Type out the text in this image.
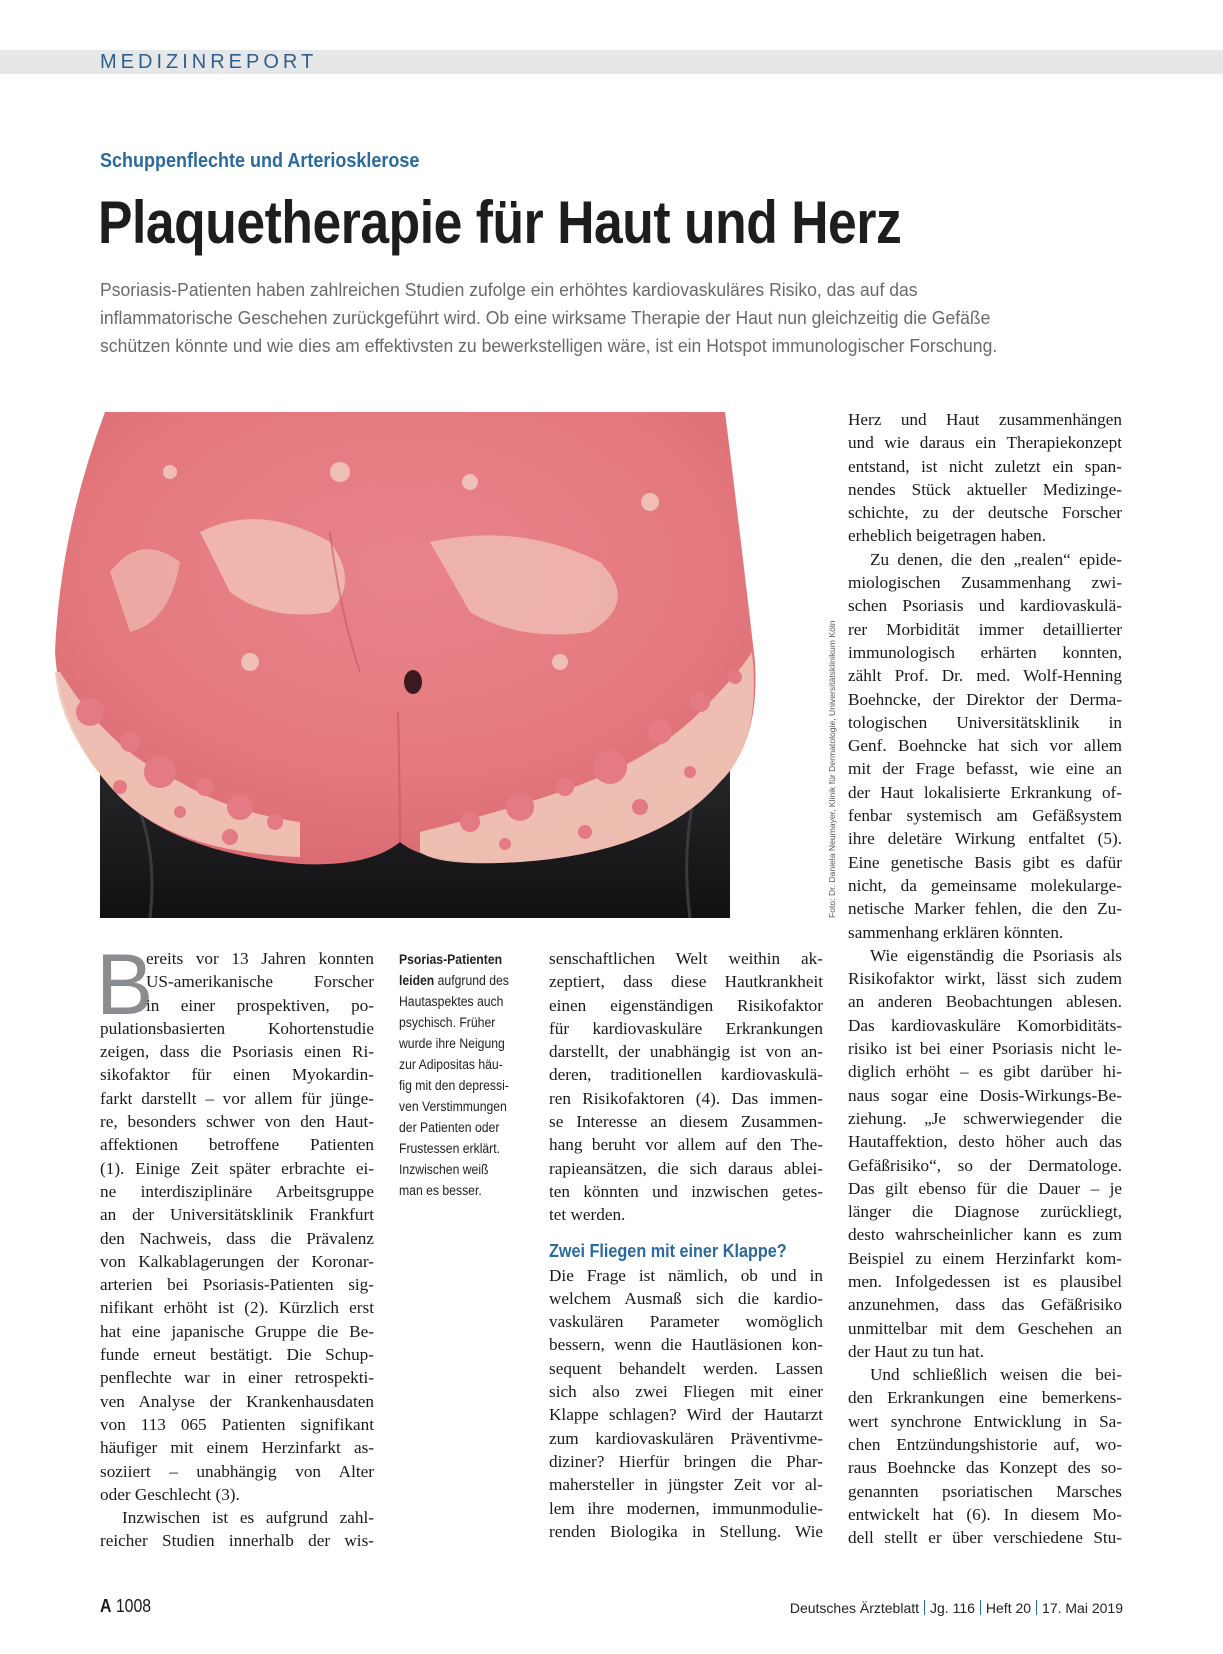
MEDIZINREPORT
Schuppenflechte und Arteriosklerose
Plaquetherapie für Haut und Herz
Psoriasis-Patienten haben zahlreichen Studien zufolge ein erhöhtes kardiovaskuläres Risiko, das auf das
inflammatorische Geschehen zurückgeführt wird. Ob eine wirksame Therapie der Haut nun gleichzeitig die Gefäße
schützen könnte und wie dies am effektivsten zu bewerkstelligen wäre, ist ein Hotspot immunologischer Forschung.
Foto: Dr. Daniela Neumayer, Klinik für Dermatologie, Universitätsklinikum Köln
B
ereits vor 13 Jahren konnten
US-amerikanische Forscher
in einer prospektiven, po-
pulationsbasierten Kohortenstudie
zeigen, dass die Psoriasis einen Ri-
sikofaktor für einen Myokardin-
farkt darstellt – vor allem für jünge-
re, besonders schwer von den Haut-
affektionen betroffene Patienten
(1). Einige Zeit später erbrachte ei-
ne interdisziplinäre Arbeitsgruppe
an der Universitätsklinik Frankfurt
den Nachweis, dass die Prävalenz
von Kalkablagerungen der Koronar-
arterien bei Psoriasis-Patienten sig-
nifikant erhöht ist (2). Kürzlich erst
hat eine japanische Gruppe die Be-
funde erneut bestätigt. Die Schup-
penflechte war in einer retrospekti-
ven Analyse der Krankenhausdaten
von 113 065 Patienten signifikant
häufiger mit einem Herzinfarkt as-
soziiert – unabhängig von Alter
oder Geschlecht (3).
Inzwischen ist es aufgrund zahl-
reicher Studien innerhalb der wis-
Psorias-Patienten
leiden aufgrund des
Hautaspektes auch
psychisch. Früher
wurde ihre Neigung
zur Adipositas häu-
fig mit den depressi-
ven Verstimmungen
der Patienten oder
Frustessen erklärt.
Inzwischen weiß
man es besser.
senschaftlichen Welt weithin ak-
zeptiert, dass diese Hautkrankheit
einen eigenständigen Risikofaktor
für kardiovaskuläre Erkrankungen
darstellt, der unabhängig ist von an-
deren, traditionellen kardiovaskulä-
ren Risikofaktoren (4). Das immen-
se Interesse an diesem Zusammen-
hang beruht vor allem auf den The-
rapieansätzen, die sich daraus ablei-
ten könnten und inzwischen getes-
tet werden.
Zwei Fliegen mit einer Klappe?
Die Frage ist nämlich, ob und in
welchem Ausmaß sich die kardio-
vaskulären Parameter womöglich
bessern, wenn die Hautläsionen kon-
sequent behandelt werden. Lassen
sich also zwei Fliegen mit einer
Klappe schlagen? Wird der Hautarzt
zum kardiovaskulären Präventivme-
diziner? Hierfür bringen die Phar-
mahersteller in jüngster Zeit vor al-
lem ihre modernen, immunmodulie-
renden Biologika in Stellung. Wie
Herz und Haut zusammenhängen
und wie daraus ein Therapiekonzept
entstand, ist nicht zuletzt ein span-
nendes Stück aktueller Medizinge-
schichte, zu der deutsche Forscher
erheblich beigetragen haben.
Zu denen, die den „realen“ epide-
miologischen Zusammenhang zwi-
schen Psoriasis und kardiovaskulä-
rer Morbidität immer detaillierter
immunologisch erhärten konnten,
zählt Prof. Dr. med. Wolf-Henning
Boehncke, der Direktor der Derma-
tologischen Universitätsklinik in
Genf. Boehncke hat sich vor allem
mit der Frage befasst, wie eine an
der Haut lokalisierte Erkrankung of-
fenbar systemisch am Gefäßsystem
ihre deletäre Wirkung entfaltet (5).
Eine genetische Basis gibt es dafür
nicht, da gemeinsame molekularge-
netische Marker fehlen, die den Zu-
sammenhang erklären könnten.
Wie eigenständig die Psoriasis als
Risikofaktor wirkt, lässt sich zudem
an anderen Beobachtungen ablesen.
Das kardiovaskuläre Komorbiditäts-
risiko ist bei einer Psoriasis nicht le-
diglich erhöht – es gibt darüber hi-
naus sogar eine Dosis-Wirkungs-Be-
ziehung. „Je schwerwiegender die
Hautaffektion, desto höher auch das
Gefäßrisiko“, so der Dermatologe.
Das gilt ebenso für die Dauer – je
länger die Diagnose zurückliegt,
desto wahrscheinlicher kann es zum
Beispiel zu einem Herzinfarkt kom-
men. Infolgedessen ist es plausibel
anzunehmen, dass das Gefäßrisiko
unmittelbar mit dem Geschehen an
der Haut zu tun hat.
Und schließlich weisen die bei-
den Erkrankungen eine bemerkens-
wert synchrone Entwicklung in Sa-
chen Entzündungshistorie auf, wo-
raus Boehncke das Konzept des so-
genannten psoriatischen Marsches
entwickelt hat (6). In diesem Mo-
dell stellt er über verschiedene Stu-
A 1008	Deutsches Ärzteblatt Jg. 116 Heft 20 17. Mai 2019
